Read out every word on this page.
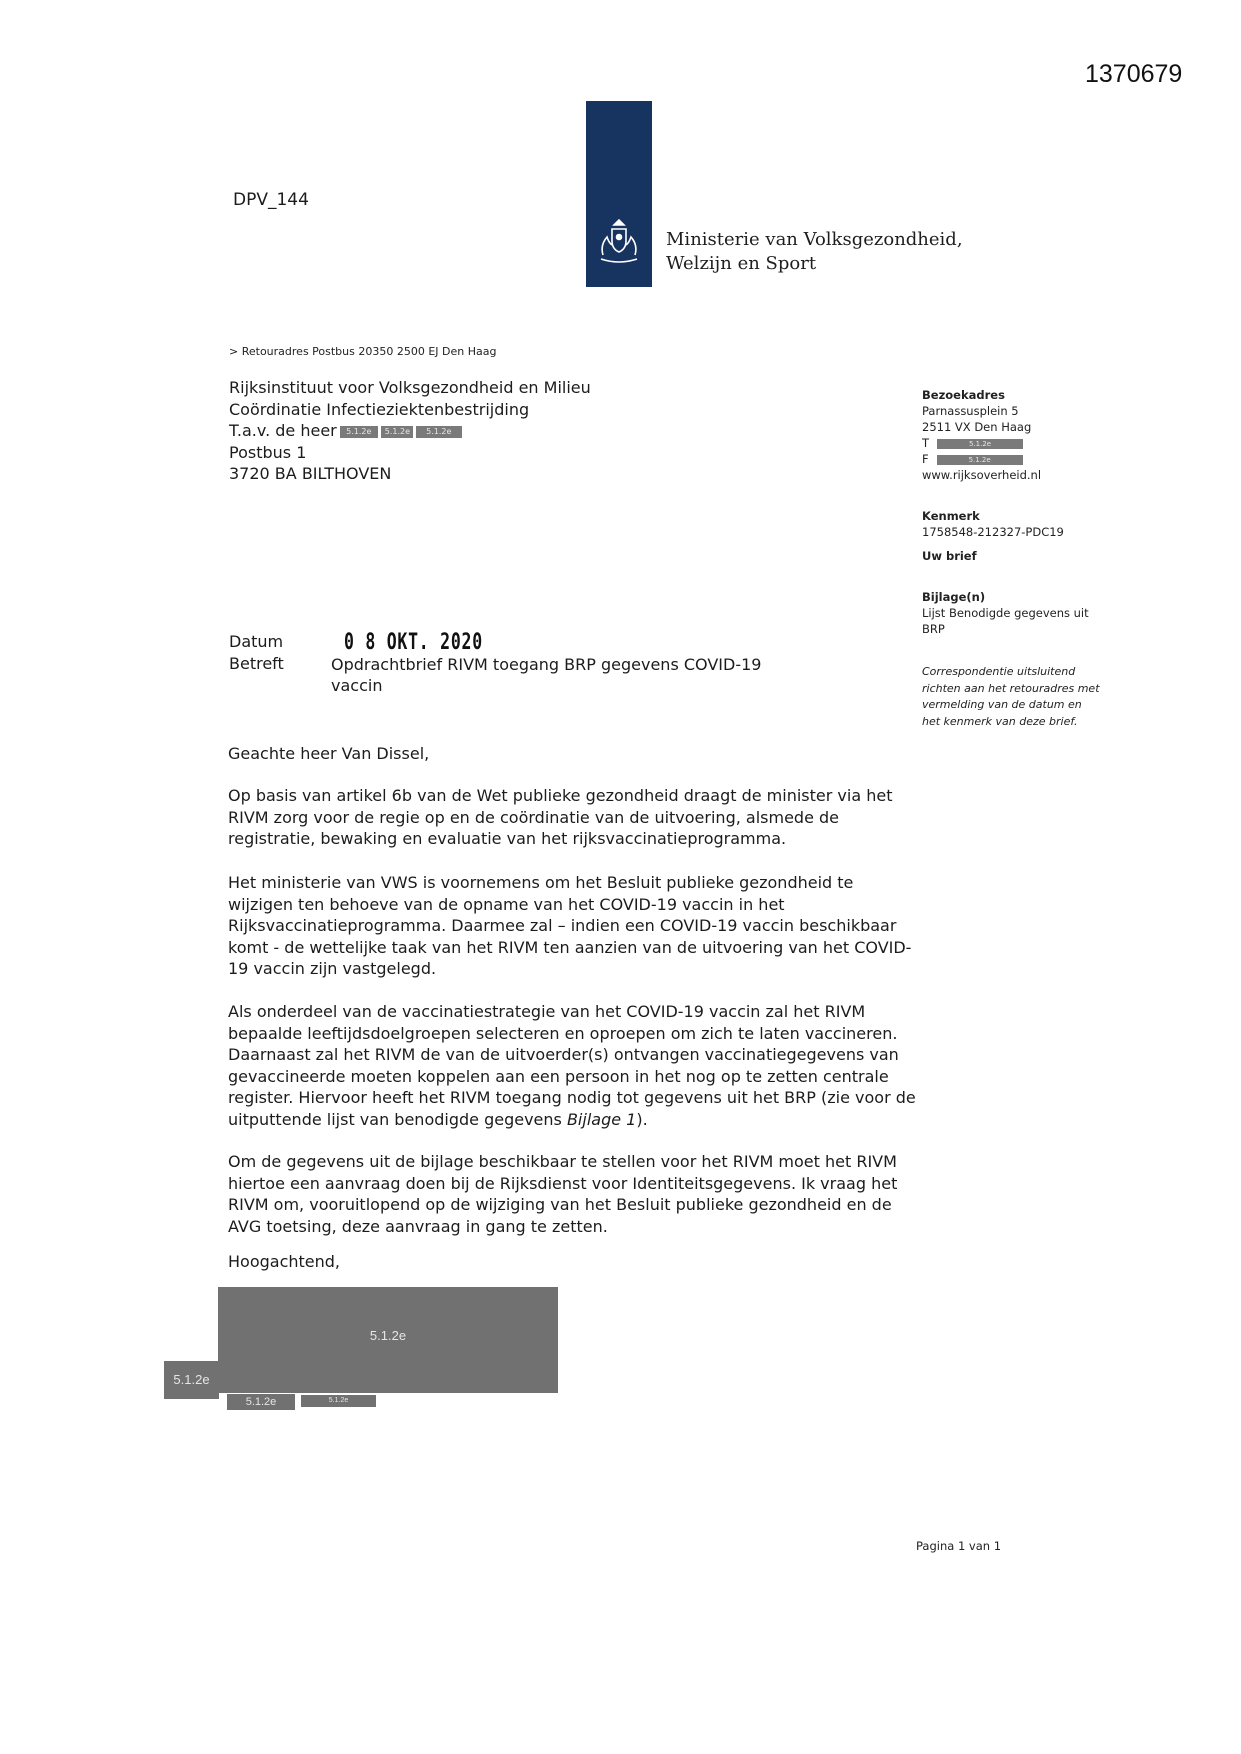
1370679
DPV_144
Ministerie van Volksgezondheid,
Welzijn en Sport
> Retouradres Postbus 20350 2500 EJ Den Haag
Rijksinstituut voor Volksgezondheid en Milieu
Coördinatie Infectieziektenbestrijding
T.a.v. de heer 5.1.2e 5.1.2e 5.1.2e
Postbus 1
3720 BA BILTHOVEN
Bezoekadres
Parnassusplein 5
2511 VX Den Haag
T	5.1.2e
F	5.1.2e
www.rijksoverheid.nl
Kenmerk
1758548-212327-PDC19
Uw brief
Bijlage(n)
Lijst Benodigde gegevens uit BRP
Correspondentie uitsluitend richten aan het retouradres met vermelding van de datum en het kenmerk van deze brief.
Datum	0 8 OKT. 2020
Betreft	Opdrachtbrief RIVM toegang BRP gegevens COVID-19
vaccin
Geachte heer Van Dissel,

Op basis van artikel 6b van de Wet publieke gezondheid draagt de minister via het RIVM zorg voor de regie op en de coördinatie van de uitvoering, alsmede de registratie, bewaking en evaluatie van het rijksvaccinatieprogramma.

Het ministerie van VWS is voornemens om het Besluit publieke gezondheid te wijzigen ten behoeve van de opname van het COVID-19 vaccin in het Rijksvaccinatieprogramma. Daarmee zal – indien een COVID-19 vaccin beschikbaar komt - de wettelijke taak van het RIVM ten aanzien van de uitvoering van het COVID-19 vaccin zijn vastgelegd.

Als onderdeel van de vaccinatiestrategie van het COVID-19 vaccin zal het RIVM bepaalde leeftijdsdoelgroepen selecteren en oproepen om zich te laten vaccineren. Daarnaast zal het RIVM de van de uitvoerder(s) ontvangen vaccinatiegegevens van gevaccineerde moeten koppelen aan een persoon in het nog op te zetten centrale register. Hiervoor heeft het RIVM toegang nodig tot gegevens uit het BRP (zie voor de uitputtende lijst van benodigde gegevens Bijlage 1).

Om de gegevens uit de bijlage beschikbaar te stellen voor het RIVM moet het RIVM hiertoe een aanvraag doen bij de Rijksdienst voor Identiteitsgegevens. Ik vraag het RIVM om, vooruitlopend op de wijziging van het Besluit publieke gezondheid en de AVG toetsing, deze aanvraag in gang te zetten.

Hoogachtend,
5.1.2e
5.1.2e
5.1.2e	5.1.2e
Pagina 1 van 1
